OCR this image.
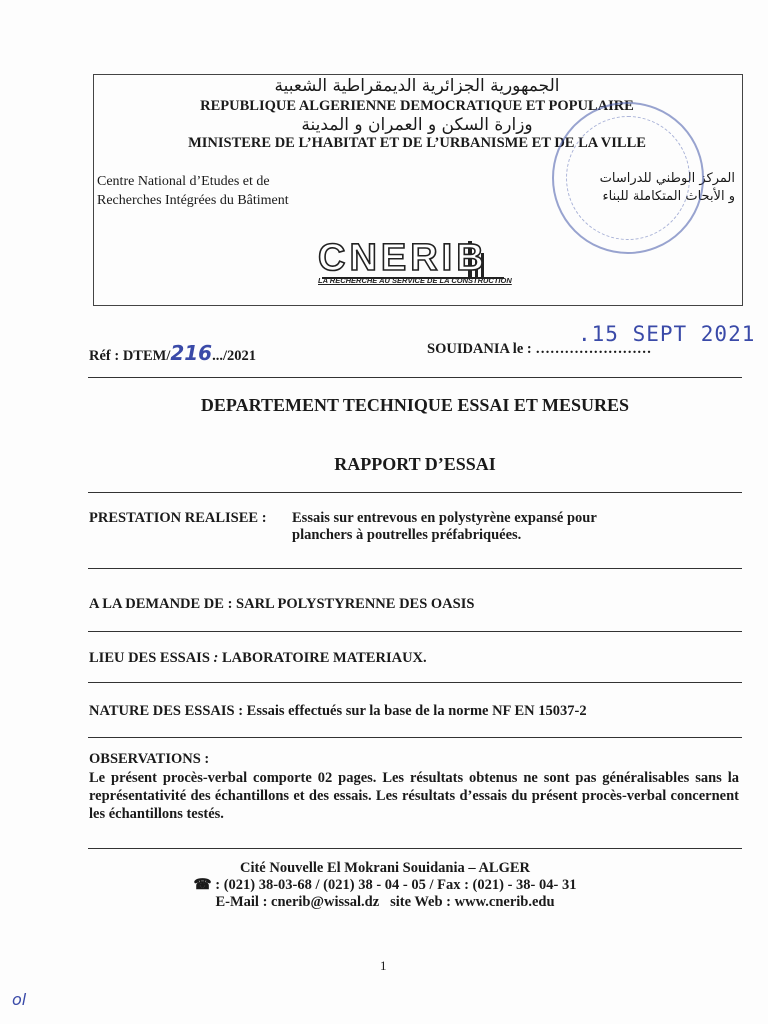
الجمهورية الجزائرية الديمقراطية الشعبية
REPUBLIQUE ALGERIENNE DEMOCRATIQUE ET POPULAIRE
وزارة السكن و العمران و المدينة
MINISTERE DE L’HABITAT ET DE L’URBANISME ET DE LA VILLE
Centre National d’Etudes et de
Recherches Intégrées du Bâtiment
المركز الوطني للدراسات
و الأبحاث المتكاملة للبناء
CNERIB
LA RECHERCHE AU SERVICE DE LA CONSTRUCTION
Réf : DTEM/216.../2021	SOUIDANIA le : ……………………
.15 SEPT 2021
DEPARTEMENT TECHNIQUE ESSAI ET MESURES
RAPPORT D’ESSAI
PRESTATION REALISEE : Essais sur entrevous en polystyrène expansé pour
planchers à poutrelles préfabriquées.
A LA DEMANDE DE : SARL POLYSTYRENNE DES OASIS
LIEU DES ESSAIS : LABORATOIRE MATERIAUX.
NATURE DES ESSAIS : Essais effectués sur la base de la norme NF EN 15037-2
OBSERVATIONS :
Le présent procès-verbal comporte 02 pages. Les résultats obtenus ne sont pas généralisables sans la représentativité des échantillons et des essais. Les résultats d’essais du présent procès-verbal concernent les échantillons testés.
Cité Nouvelle El Mokrani Souidania – ALGER
☎ : (021) 38-03-68 / (021) 38 - 04 - 05 / Fax : (021) - 38- 04- 31
E-Mail : cnerib@wissal.dz site Web : www.cnerib.edu
1
ol
